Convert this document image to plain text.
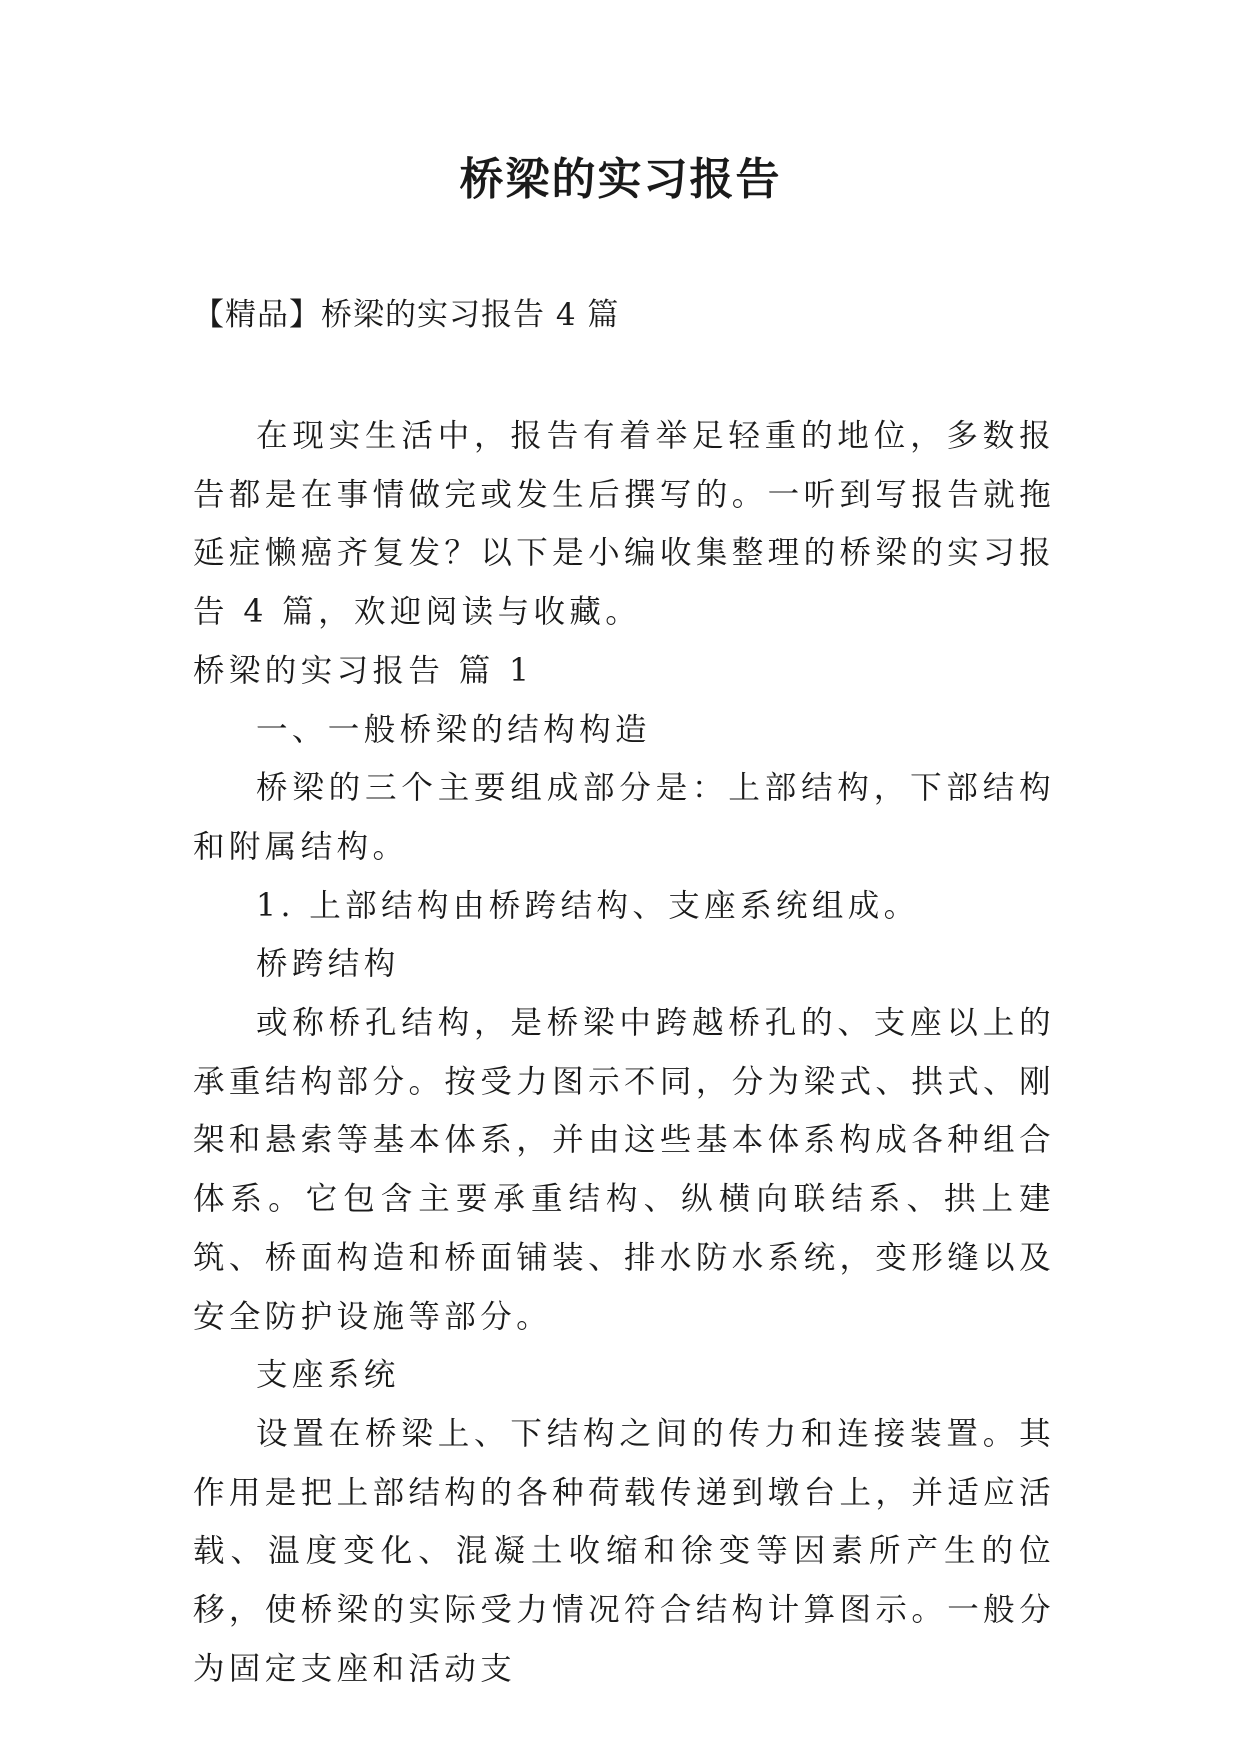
桥梁的实习报告
【精品】桥梁的实习报告 4 篇

在现实生活中，报告有着举足轻重的地位，多数报告都是在事情做完或发生后撰写的。一听到写报告就拖延症懒癌齐复发？以下是小编收集整理的桥梁的实习报告 4 篇，欢迎阅读与收藏。

桥梁的实习报告 篇 1

一、一般桥梁的结构构造

桥梁的三个主要组成部分是：上部结构，下部结构和附属结构。

1. 上部结构由桥跨结构、支座系统组成。

桥跨结构

或称桥孔结构，是桥梁中跨越桥孔的、支座以上的承重结构部分。按受力图示不同，分为梁式、拱式、刚架和悬索等基本体系，并由这些基本体系构成各种组合体系。它包含主要承重结构、纵横向联结系、拱上建筑、桥面构造和桥面铺装、排水防水系统，变形缝以及安全防护设施等部分。

支座系统

设置在桥梁上、下结构之间的传力和连接装置。其作用是把上部结构的各种荷载传递到墩台上，并适应活载、温度变化、混凝土收缩和徐变等因素所产生的位移，使桥梁的实际受力情况符合结构计算图示。一般分为固定支座和活动支
